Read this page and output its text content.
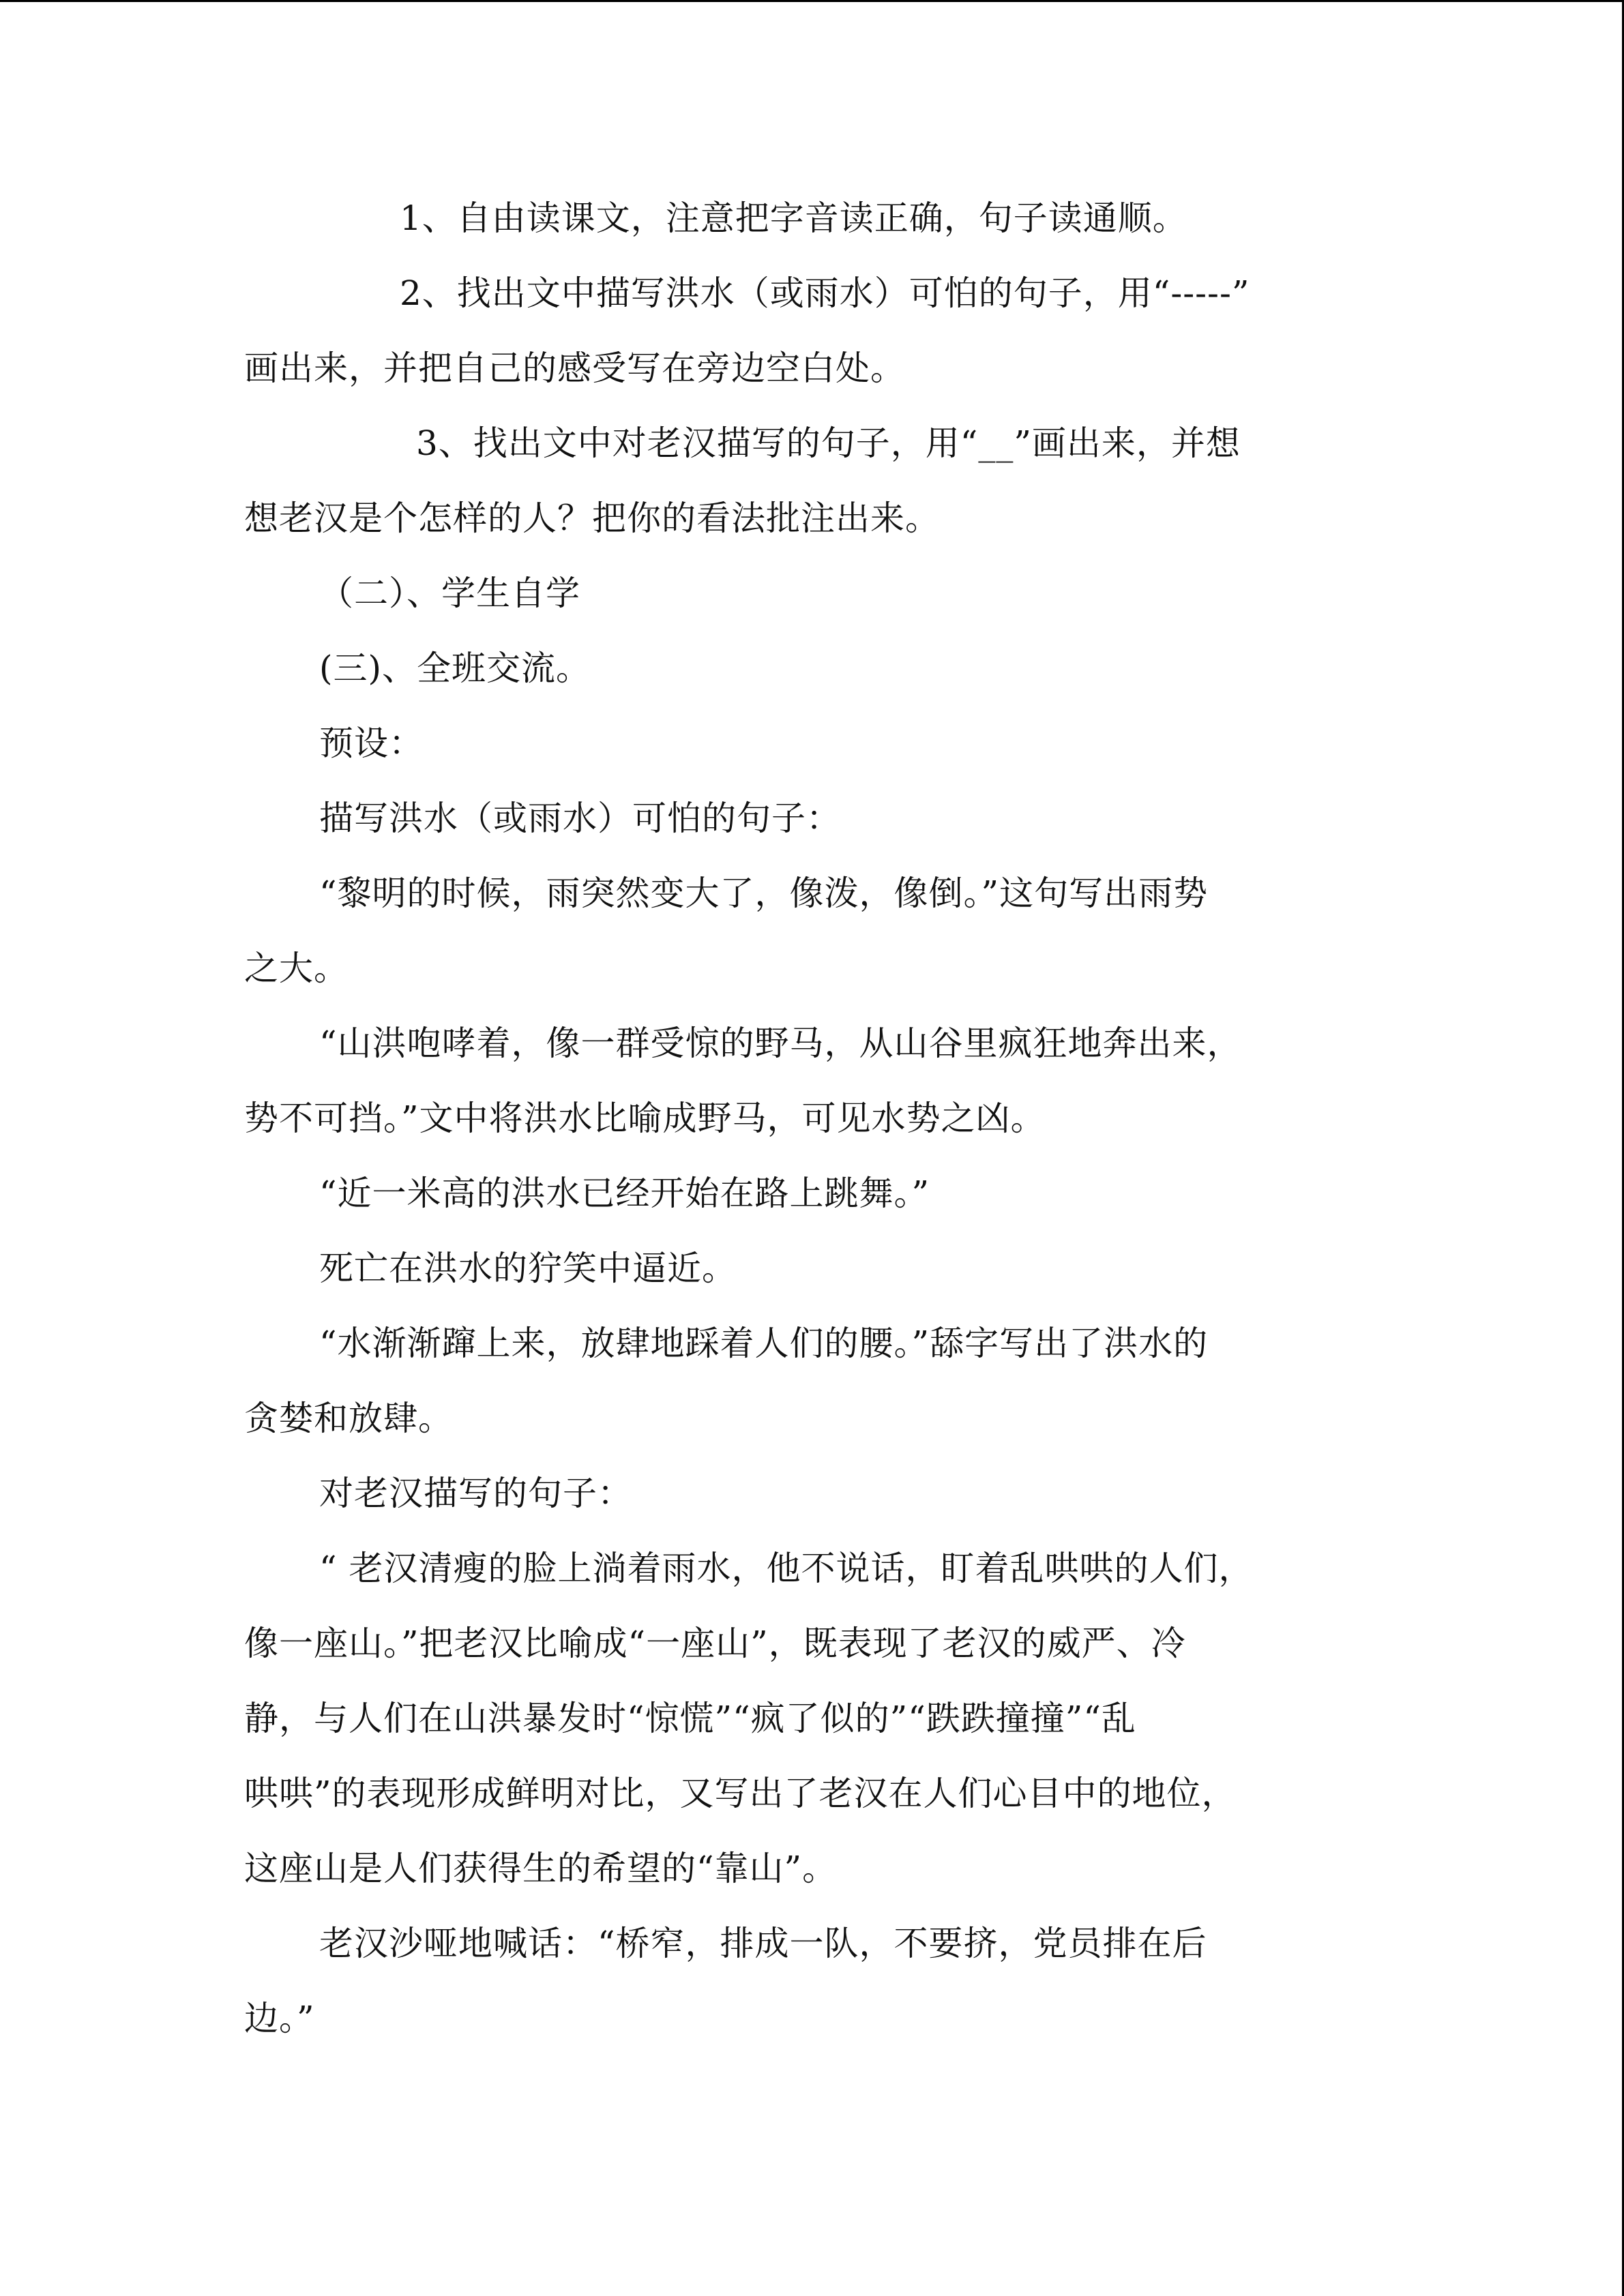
1、自由读课文，注意把字音读正确，句子读通顺。
2、找出文中描写洪水（或雨水）可怕的句子，用“-----”
画出来，并把自己的感受写在旁边空白处。
3、找出文中对老汉描写的句子，用“__”画出来，并想
想老汉是个怎样的人？把你的看法批注出来。
（二）、学生自学
(三)、全班交流。
预设：
描写洪水（或雨水）可怕的句子：
“黎明的时候，雨突然变大了，像泼，像倒。”这句写出雨势
之大。
“山洪咆哮着，像一群受惊的野马，从山谷里疯狂地奔出来，
势不可挡。”文中将洪水比喻成野马，可见水势之凶。
“近一米高的洪水已经开始在路上跳舞。”
死亡在洪水的狞笑中逼近。
“水渐渐蹿上来，放肆地踩着人们的腰。”舔字写出了洪水的
贪婪和放肆。
对老汉描写的句子：
“ 老汉清瘦的脸上淌着雨水，他不说话，盯着乱哄哄的人们，
像一座山。”把老汉比喻成“一座山”，既表现了老汉的威严、冷
静，与人们在山洪暴发时“惊慌”“疯了似的”“跌跌撞撞”“乱
哄哄”的表现形成鲜明对比，又写出了老汉在人们心目中的地位，
这座山是人们获得生的希望的“靠山”。
老汉沙哑地喊话：“桥窄，排成一队，不要挤，党员排在后
边。”
